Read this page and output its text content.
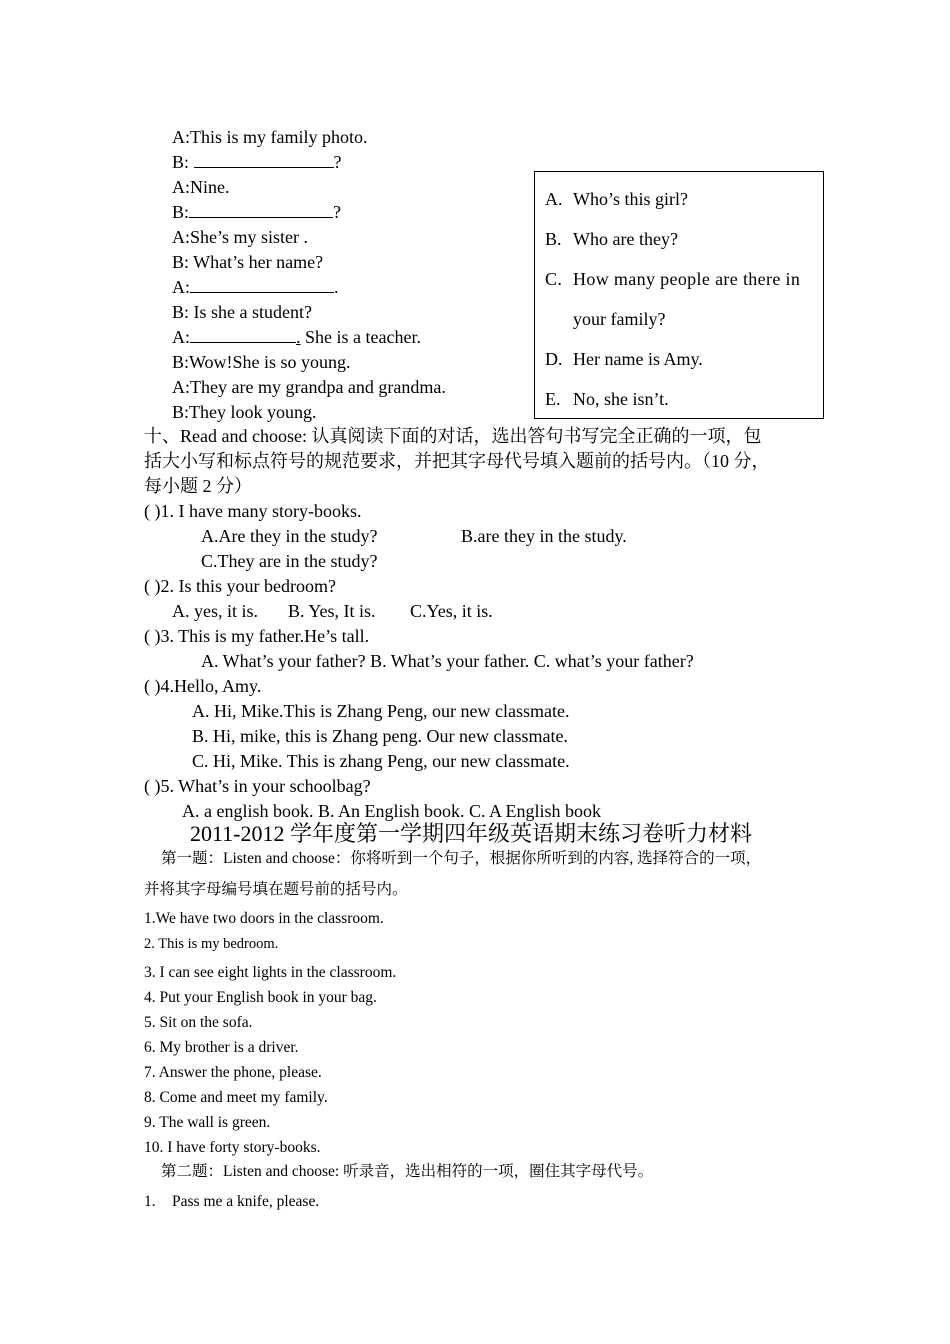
A:This is my family photo.
B:	?
A:Nine.
B:	?
A:She’s my sister .
B: What’s her name?
A:	.
B: Is she a student?
A:	. She is a teacher.
B:Wow!She is so young.
A:They are my grandpa and grandma.
B:They look young.
A. Who’s this girl?
B. Who are they?
C. How many people are there in
your family?
D. Her name is Amy.
E. No, she isn’t.
十、Read and choose: 认真阅读下面的对话，选出答句书写完全正确的一项，包
括大小写和标点符号的规范要求，并把其字母代号填入题前的括号内。（10 分，
每小题 2 分）
( )1. I have many story-books.
A.Are they in the study?	B.are they in the study.
C.They are in the study?
( )2. Is this your bedroom?
A. yes, it is. B. Yes, It is. C.Yes, it is.
( )3. This is my father.He’s tall.
A. What’s your father? B. What’s your father. C. what’s your father?
( )4.Hello, Amy.
A. Hi, Mike.This is Zhang Peng, our new classmate.
B. Hi, mike, this is Zhang peng. Our new classmate.
C. Hi, Mike. This is zhang Peng, our new classmate.
( )5. What’s in your schoolbag?
A. a english book. B. An English book. C. A English book
2011-2012 学年度第一学期四年级英语期末练习卷听力材料
第一题：Listen and choose：你将听到一个句子，根据你所听到的内容, 选择符合的一项，
并将其字母编号填在题号前的括号内。
1.We have two doors in the classroom.
2. This is my bedroom.
3. I can see eight lights in the classroom.
4. Put your English book in your bag.
5. Sit on the sofa.
6. My brother is a driver.
7. Answer the phone, please.
8. Come and meet my family.
9. The wall is green.
10. I have forty story-books.
第二题：Listen and choose: 听录音，选出相符的一项，圈住其字母代号。
1. Pass me a knife, please.
